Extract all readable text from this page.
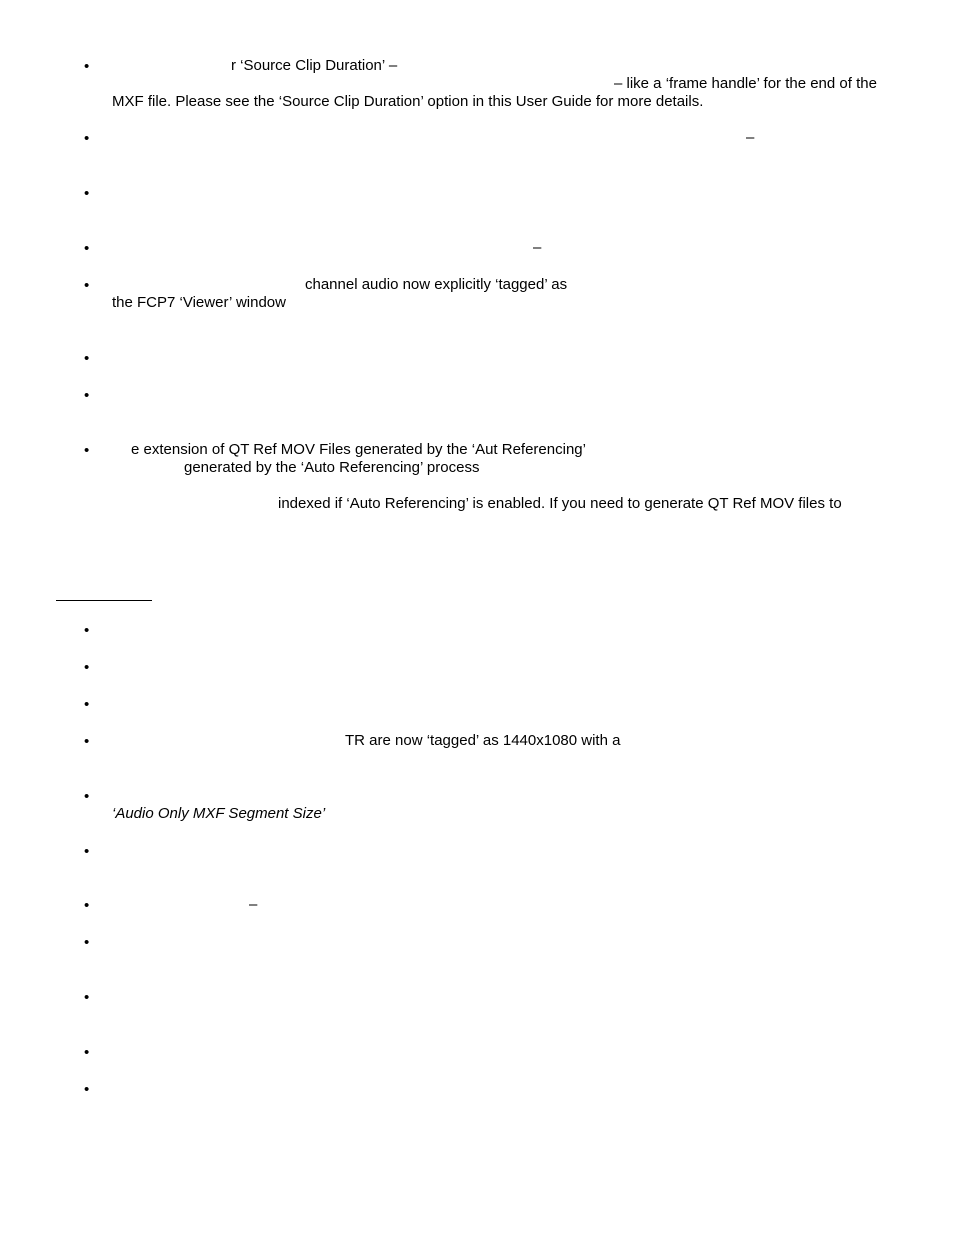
•	r ‘Source Clip Duration’ –
– like a ‘frame handle’ for the end of the
MXF file. Please see the ‘Source Clip Duration’ option in this User Guide for more details.
•	–
•
•	–
•	channel audio now explicitly ‘tagged’ as
the FCP7 ‘Viewer’ window
•
•
•	e extension of QT Ref MOV Files generated by the ‘Aut Referencing’
generated by the ‘Auto Referencing’ process
indexed if ‘Auto Referencing’ is enabled. If you need to generate QT Ref MOV files to
•
•
•
•	TR are now ‘tagged’ as 1440x1080 with a
•
‘Audio Only MXF Segment Size’
•
•	–
•
•
•
•
